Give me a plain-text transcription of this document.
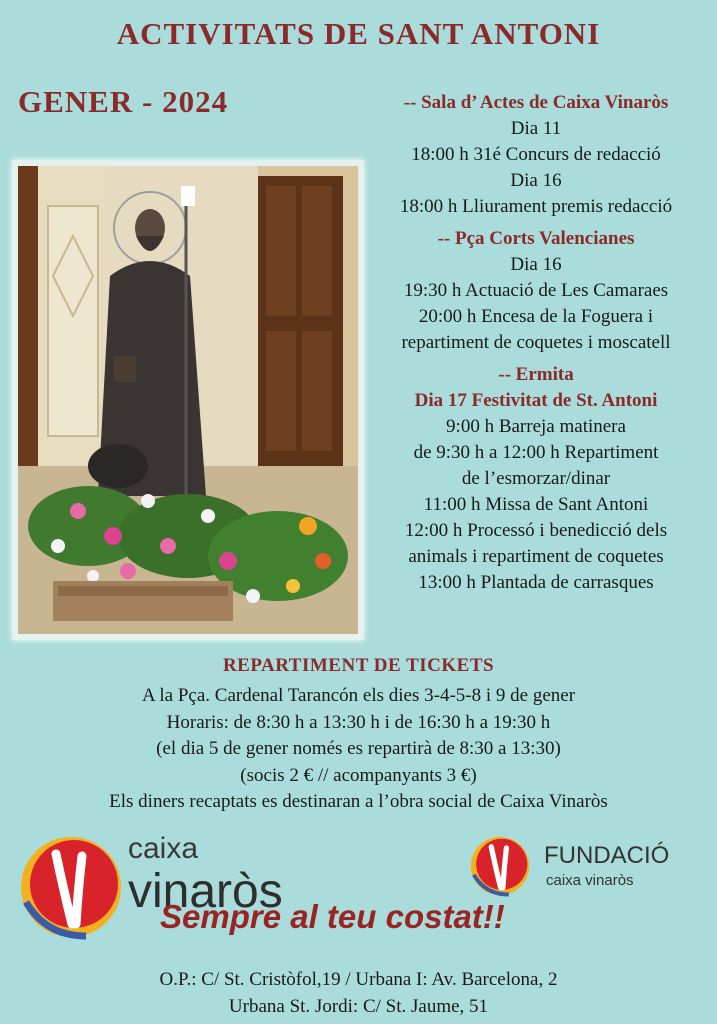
ACTIVITATS DE SANT ANTONI
GENER - 2024	-- Sala d’ Actes de Caixa Vinaròs
Dia 11
18:00 h 31é Concurs de redacció
Dia 16
18:00 h Lliurament premis redacció
-- Pça Corts Valencianes
Dia 16
19:30 h Actuació de Les Camaraes
20:00 h Encesa de la Foguera i
repartiment de coquetes i moscatell
-- Ermita
Dia 17 Festivitat de St. Antoni
9:00 h Barreja matinera
de 9:30 h a 12:00 h Repartiment
de l’esmorzar/dinar
11:00 h Missa de Sant Antoni
12:00 h Processó i benedicció dels
animals i repartiment de coquetes
13:00 h Plantada de carrasques
REPARTIMENT DE TICKETS
A la Pça. Cardenal Tarancón els dies 3-4-5-8 i 9 de gener
Horaris: de 8:30 h a 13:30 h i de 16:30 h a 19:30 h
(el dia 5 de gener només es repartirà de 8:30 a 13:30)
(socis 2 € // acompanyants 3 €)
Els diners recaptats es destinaran a l’obra social de Caixa Vinaròs
caixa
vinaròs
FUNDACIÓ
caixa vinaròs
Sempre al teu costat!!
O.P.: C/ St. Cristòfol,19 / Urbana I: Av. Barcelona, 2
Urbana St. Jordi: C/ St. Jaume, 51
